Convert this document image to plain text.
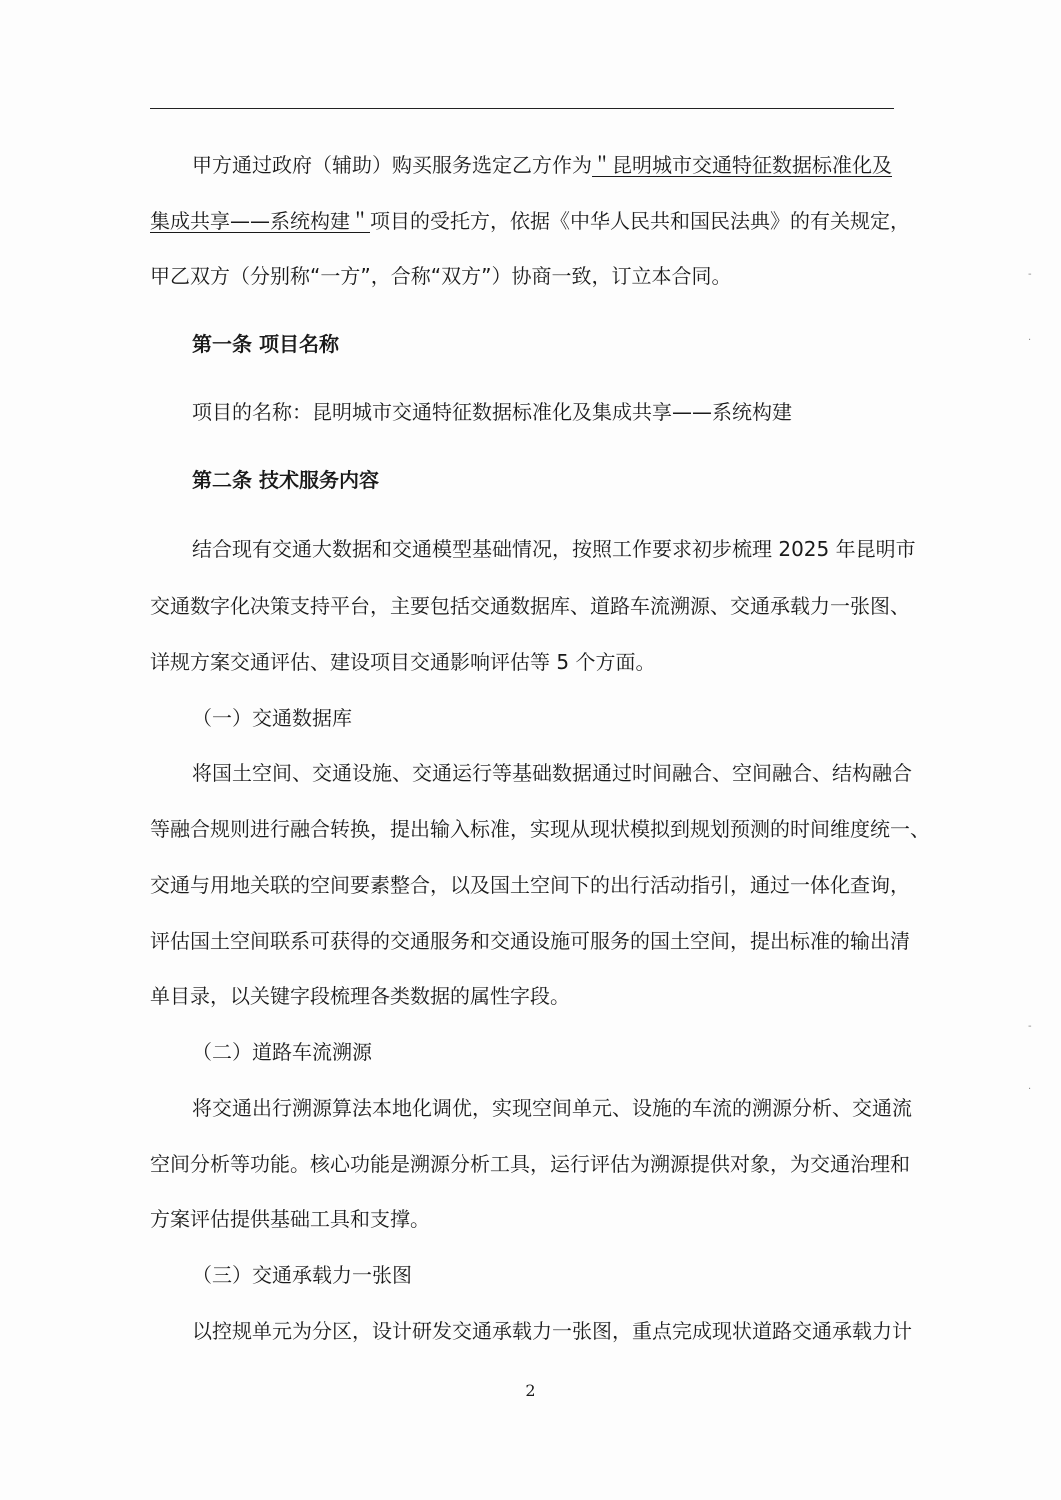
甲方通过政府（辅助）购买服务选定乙方作为＂昆明城市交通特征数据标准化及
集成共享——系统构建＂项目的受托方，依据《中华人民共和国民法典》的有关规定，
甲乙双方（分别称“一方”，合称“双方”）协商一致，订立本合同。
第一条 项目名称
项目的名称：昆明城市交通特征数据标准化及集成共享——系统构建
第二条 技术服务内容
结合现有交通大数据和交通模型基础情况，按照工作要求初步梳理 2025 年昆明市
交通数字化决策支持平台，主要包括交通数据库、道路车流溯源、交通承载力一张图、
详规方案交通评估、建设项目交通影响评估等 5 个方面。
（一）交通数据库
将国土空间、交通设施、交通运行等基础数据通过时间融合、空间融合、结构融合
等融合规则进行融合转换，提出输入标准，实现从现状模拟到规划预测的时间维度统一、
交通与用地关联的空间要素整合，以及国土空间下的出行活动指引，通过一体化查询，
评估国土空间联系可获得的交通服务和交通设施可服务的国土空间，提出标准的输出清
单目录，以关键字段梳理各类数据的属性字段。
（二）道路车流溯源
将交通出行溯源算法本地化调优，实现空间单元、设施的车流的溯源分析、交通流
空间分析等功能。核心功能是溯源分析工具，运行评估为溯源提供对象，为交通治理和
方案评估提供基础工具和支撑。
（三）交通承载力一张图
以控规单元为分区，设计研发交通承载力一张图，重点完成现状道路交通承载力计
2
-
·
-
·
